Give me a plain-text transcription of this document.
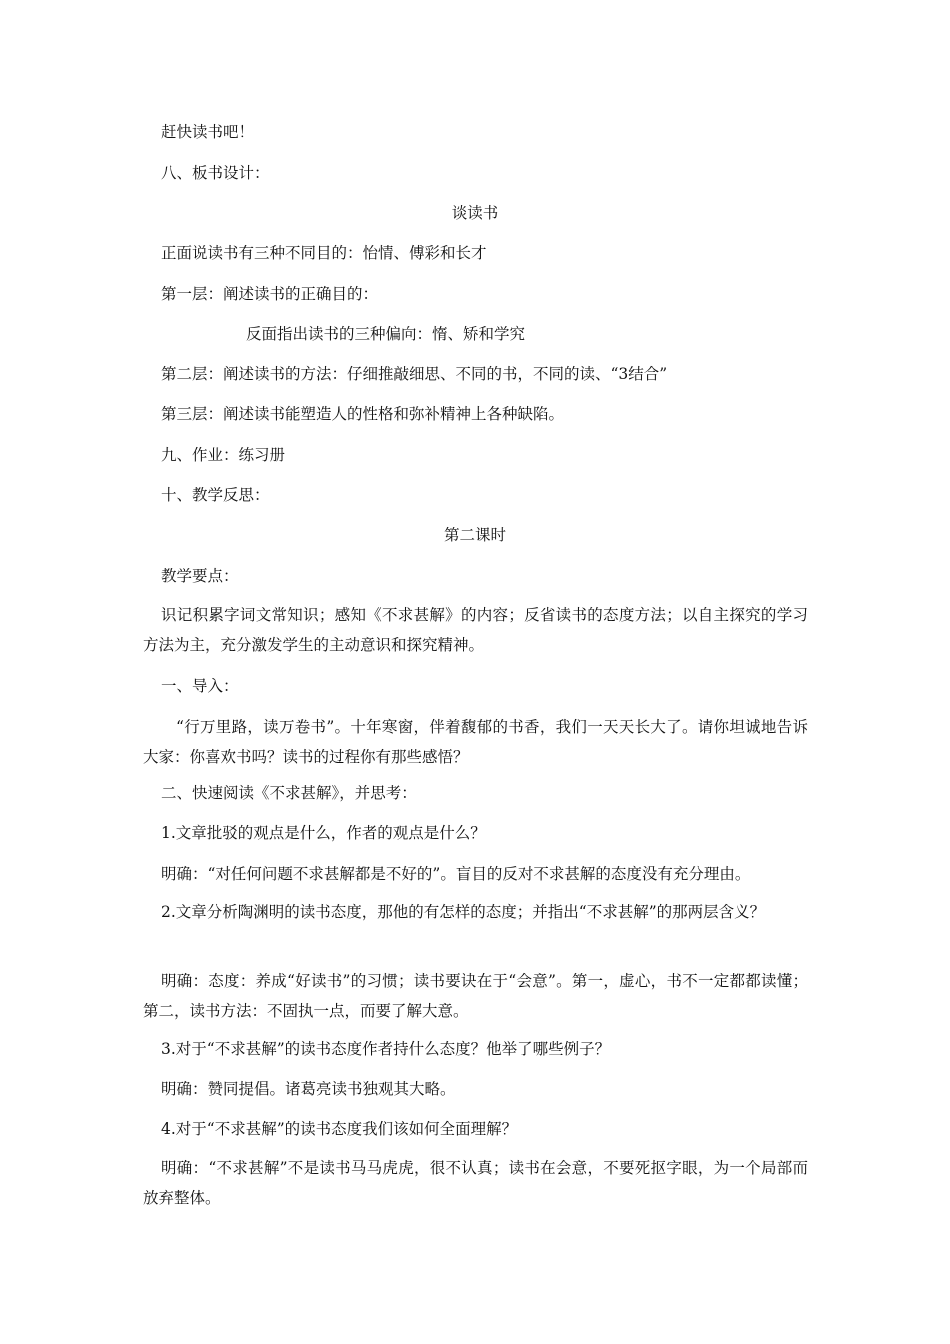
赶快读书吧！
八、板书设计：
谈读书
正面说读书有三种不同目的：怡情、傅彩和长才
第一层：阐述读书的正确目的：
反面指出读书的三种偏向：惰、矫和学究
第二层：阐述读书的方法：仔细推敲细思、不同的书，不同的读、“3结合”
第三层：阐述读书能塑造人的性格和弥补精神上各种缺陷。
九、作业：练习册
十、教学反思：
第二课时
教学要点：
识记积累字词文常知识；感知《不求甚解》的内容；反省读书的态度方法；以自主探究的学习方法为主，充分激发学生的主动意识和探究精神。
一、导入：
“行万里路，读万卷书”。十年寒窗，伴着馥郁的书香，我们一天天长大了。请你坦诚地告诉大家：你喜欢书吗？读书的过程你有那些感悟？
二、快速阅读《不求甚解》，并思考：
1.文章批驳的观点是什么，作者的观点是什么？
明确：“对任何问题不求甚解都是不好的”。盲目的反对不求甚解的态度没有充分理由。
2.文章分析陶渊明的读书态度，那他的有怎样的态度；并指出“不求甚解”的那两层含义？
明确：态度：养成“好读书”的习惯；读书要诀在于“会意”。第一，虚心，书不一定都都读懂；第二，读书方法：不固执一点，而要了解大意。
3.对于“不求甚解”的读书态度作者持什么态度？他举了哪些例子？
明确：赞同提倡。诸葛亮读书独观其大略。
4.对于“不求甚解”的读书态度我们该如何全面理解？
明确：“不求甚解”不是读书马马虎虎，很不认真；读书在会意，不要死抠字眼，为一个局部而放弃整体。
